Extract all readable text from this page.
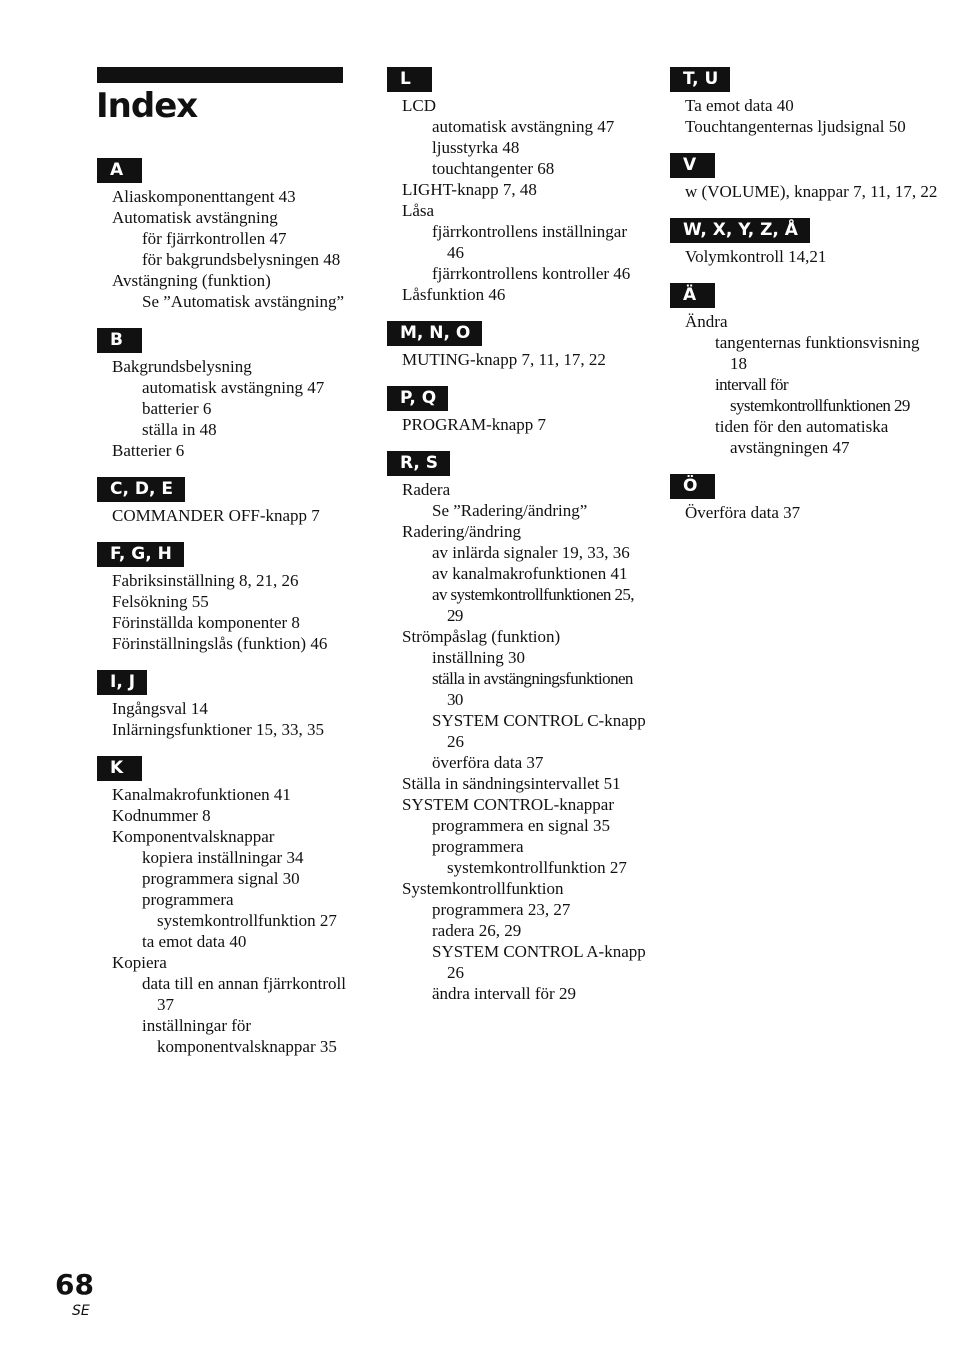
Index
A
Aliaskomponenttangent 43
Automatisk avstängning
för fjärrkontrollen 47
för bakgrundsbelysningen 48
Avstängning (funktion)
Se ”Automatisk avstängning”
B
Bakgrundsbelysning
automatisk avstängning 47
batterier 6
ställa in 48
Batterier 6
C, D, E
COMMANDER OFF-knapp 7
F, G, H
Fabriksinställning 8, 21, 26
Felsökning 55
Förinställda komponenter 8
Förinställningslås (funktion) 46
I, J
Ingångsval 14
Inlärningsfunktioner 15, 33, 35
K
Kanalmakrofunktionen 41
Kodnummer 8
Komponentvalsknappar
kopiera inställningar 34
programmera signal 30
programmera systemkontrollfunktion 27
ta emot data 40
Kopiera
data till en annan fjärrkontroll 37
inställningar för komponentvalsknappar 35
L
LCD
automatisk avstängning 47
ljusstyrka 48
touchtangenter 68
LIGHT-knapp 7, 48
Låsa
fjärrkontrollens inställningar 46
fjärrkontrollens kontroller 46
Låsfunktion 46
M, N, O
MUTING-knapp 7, 11, 17, 22
P, Q
PROGRAM-knapp 7
R, S
Radera
Se ”Radering/ändring”
Radering/ändring
av inlärda signaler 19, 33, 36
av kanalmakrofunktionen 41
av systemkontrollfunktionen 25, 29
Strömpåslag (funktion)
inställning 30
ställa in avstängningsfunktionen 30
SYSTEM CONTROL C-knapp 26
överföra data 37
Ställa in sändningsintervallet 51
SYSTEM CONTROL-knappar
programmera en signal 35
programmera systemkontrollfunktion 27
Systemkontrollfunktion
programmera 23, 27
radera 26, 29
SYSTEM CONTROL A-knapp 26
ändra intervall för 29
T, U
Ta emot data 40
Touchtangenternas ljudsignal 50
V
w (VOLUME), knappar 7, 11, 17, 22
W, X, Y, Z, Å
Volymkontroll 14,21
Ä
Ändra
tangenternas funktionsvisning 18
intervall för systemkontrollfunktionen 29
tiden för den automatiska avstängningen 47
Ö
Överföra data 37
68
SE
